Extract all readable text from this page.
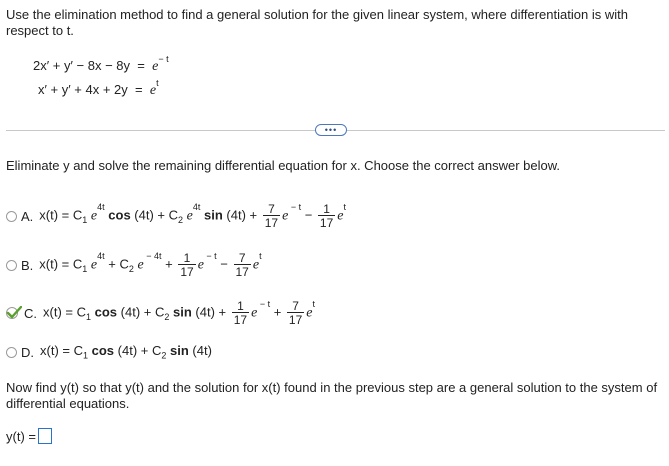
Use the elimination method to find a general solution for the given linear system, where differentiation is with
respect to t.
$2x' + y' - 8x - 8y = e^{- t}$
$x' + y' + 4x + 2y = e^t$
•••
Eliminate y and solve the remaining differential equation for x. Choose the correct answer below.
A. $x(t) = C_1$ $e^{4t}$ $\cos (4t) + C_2$ $e^{4t}$ $\sin (4t) + \frac{7}{17}$ e $^{- t} - \frac{1}{17} e^t$
B. $x(t) = C_1$ $e^{4t} + C_2$ e $^{- 4t} + \frac{1}{17}$ e $^{- t} - \frac{7}{17} e^t$
C. $x(t) = C_1$ $\cos (4t) + C_2$ $\sin (4t) + \frac{1}{17}$ e $^{- t} + \frac{7}{17} e^t$
D. $x(t) = C_1$ $\cos (4t) + C_2$ sin (4t)
Now find y(t) so that y(t) and the solution for x(t) found in the previous step are a general solution to the system of
differential equations.
y(t) =
